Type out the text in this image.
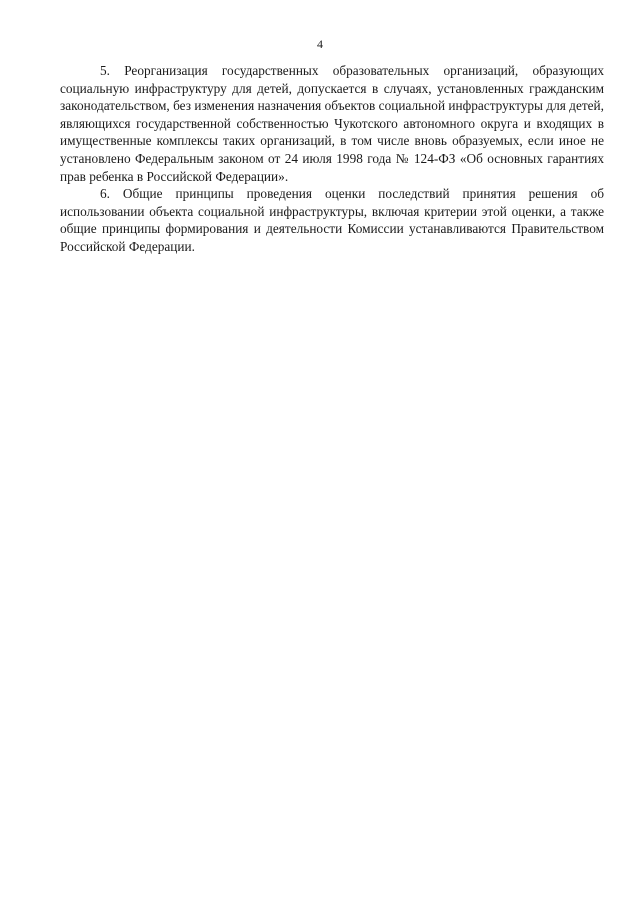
4

5. Реорганизация государственных образовательных организаций, образующих социальную инфраструктуру для детей, допускается в случаях, установленных гражданским законодательством, без изменения назначения объектов социальной инфраструктуры для детей, являющихся государственной собственностью Чукотского автономного округа и входящих в имущественные комплексы таких организаций, в том числе вновь образуемых, если иное не установлено Федеральным законом от 24 июля 1998 года № 124-ФЗ «Об основных гарантиях прав ребенка в Российской Федерации».

6. Общие принципы проведения оценки последствий принятия решения об использовании объекта социальной инфраструктуры, включая критерии этой оценки, а также общие принципы формирования и деятельности Комиссии устанавливаются Правительством Российской Федерации.
